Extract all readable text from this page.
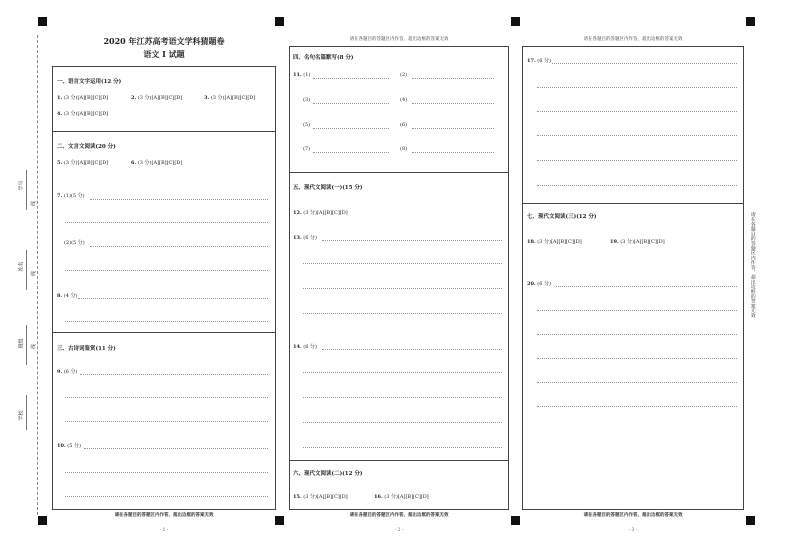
学号
姓名
班级
学校
线
线
线
2020 年江苏高考语文学科猜题卷
语文 Ⅰ 试题
一、语言文字运用(12 分)
1. (3 分)[A][B][C][D]	2. (3 分)[A][B][C][D]	3. (3 分)[A][B][C][D]
4. (3 分)[A][B][C][D]
二、文言文阅读(20 分)
5. (3 分)[A][B][C][D]	6. (3 分)[A][B][C][D]
7. (1)(5 分)
(2)(5 分)
8. (4 分)
三、古诗词鉴赏(11 分)
9. (6 分)
10. (5 分)
请在各题目的答题区内作答，超出边框的答案无效
- 1 -
请在各题目的答题区内作答，超出边框的答案无效
四、名句名篇默写(8 分)
11. (1)	(2)
(3)	(4)
(5)	(6)
(7)	(8)
五、现代文阅读(一)(15 分)
12. (3 分)[A][B][C][D]
13. (6 分)
14. (6 分)
六、现代文阅读(二)(12 分)
15. (3 分)[A][B][C][D]	16. (3 分)[A][B][C][D]
请在各题目的答题区内作答，超出边框的答案无效
- 2 -
请在各题目的答题区内作答，超出边框的答案无效
17. (6 分)
七、现代文阅读(三)(12 分)
18. (3 分)[A][B][C][D]	19. (3 分)[A][B][C][D]
20. (6 分)
请在各题目的答题区内作答，超出边框的答案无效
- 3 -
请在各题目的答题区内作答，超出边框的答案无效
